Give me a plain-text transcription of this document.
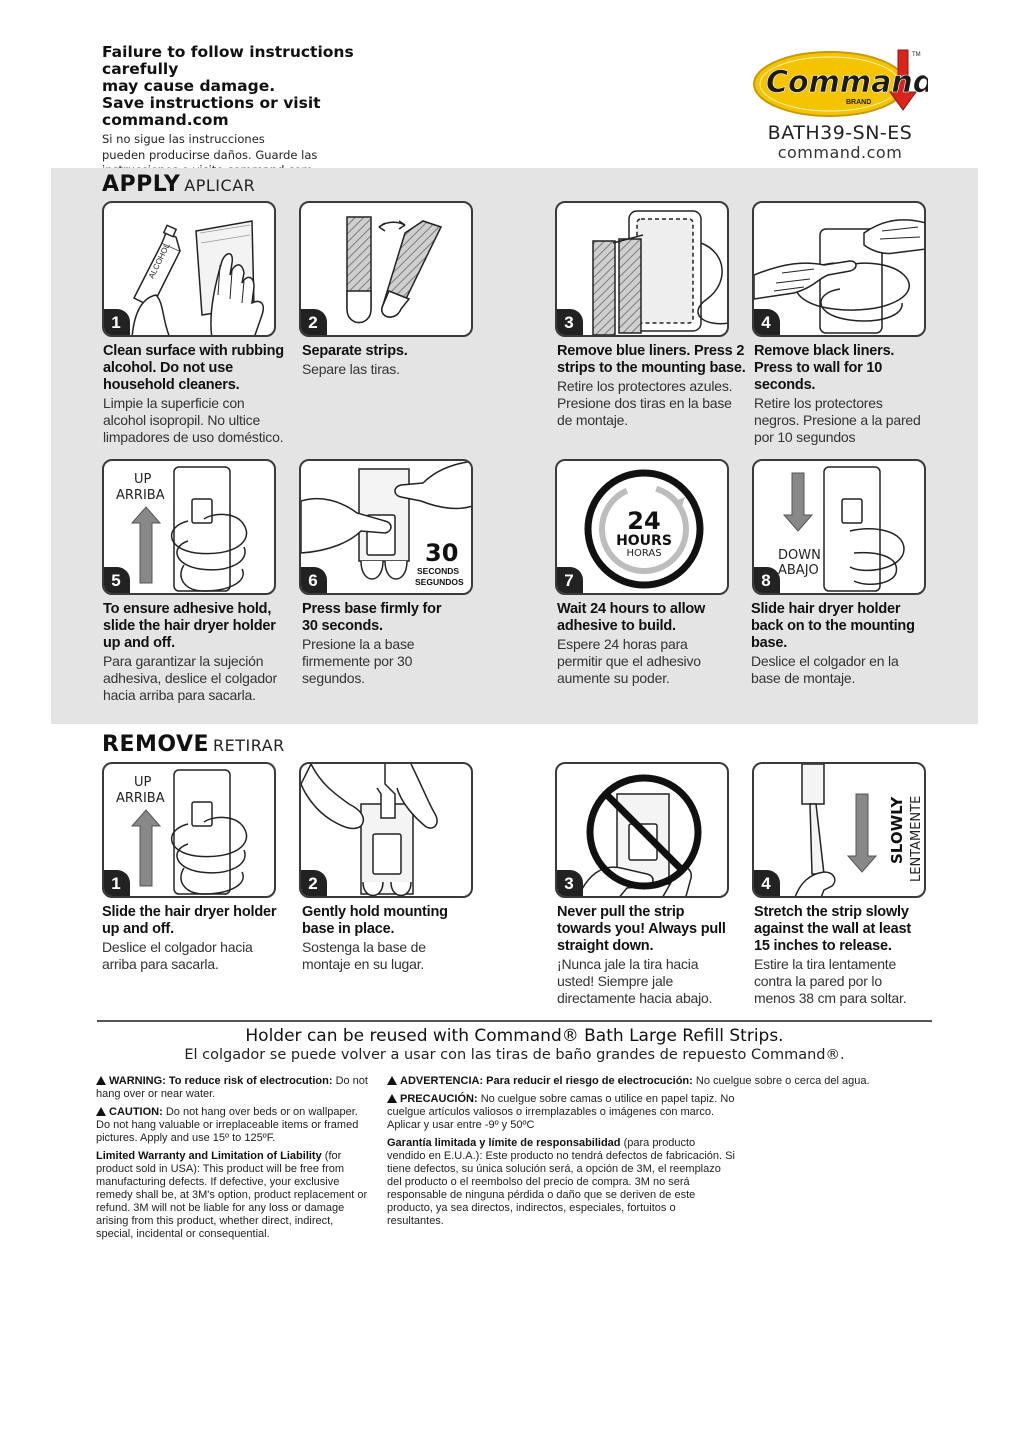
Failure to follow instructions carefully
may cause damage.
Save instructions or visit
command.com
Si no sigue las instrucciones
pueden producirse daños. Guarde las
Command
BRAND
TM
BATH39-SN-ES
command.com
APPLY APLICAR
ALCOHOL
1
Clean surface with rubbing
alcohol. Do not use
household cleaners.
Limpie la superficie con
alcohol isopropil. No ultice
limpadores de uso doméstico.
2
Separate strips.
Separe las tiras.
3
Remove blue liners. Press 2
strips to the mounting base.
Retire los protectores azules.
Presione dos tiras en la base
de montaje.
4
Remove black liners.
Press to wall for 10
seconds.
Retire los protectores
negros. Presione a la pared
por 10 segundos
UP
ARRIBA
5
To ensure adhesive hold,
slide the hair dryer holder
up and off.
Para garantizar la sujeción
adhesiva, deslice el colgador
hacia arriba para sacarla.
30
SECONDS
SEGUNDOS
6
Press base firmly for
30 seconds.
Presione la a base
firmemente por 30
segundos.
24
HOURS
HORAS
7
Wait 24 hours to allow
adhesive to build.
Espere 24 horas para
permitir que el adhesivo
aumente su poder.
DOWN
ABAJO
8
Slide hair dryer holder
back on to the mounting
base.
Deslice el colgador en la
base de montaje.
REMOVE RETIRAR
UP
ARRIBA
1
Slide the hair dryer holder
up and off.
Deslice el colgador hacia
arriba para sacarla.
2
Gently hold mounting
base in place.
Sostenga la base de
montaje en su lugar.
3
Never pull the strip
towards you! Always pull
straight down.
¡Nunca jale la tira hacia
usted! Siempre jale
directamente hacia abajo.
SLOWLY LENTAMENTE
4
Stretch the strip slowly
against the wall at least
15 inches to release.
Estire la tira lentamente
contra la pared por lo
menos 38 cm para soltar.
Holder can be reused with Command® Bath Large Refill Strips.
El colgador se puede volver a usar con las tiras de baño grandes de repuesto Command®.

WARNING: To reduce risk of electrocution: Do not hang over or near water.

CAUTION: Do not hang over beds or on wallpaper. Do not hang valuable or irreplaceable items or framed pictures. Apply and use 15º to 125ºF.

Limited Warranty and Limitation of Liability (for product sold in USA): This product will be free from manufacturing defects. If defective, your exclusive remedy shall be, at 3M's option, product replacement or refund. 3M will not be liable for any loss or damage arising from this product, whether direct, indirect, special, incidental or consequential.

ADVERTENCIA: Para reducir el riesgo de electrocución: No cuelgue sobre o cerca del agua.

PRECAUCIÓN: No cuelgue sobre camas o utilice en papel tapiz. No cuelgue artículos valiosos o irremplazables o imágenes con marco. Aplicar y usar entre -9º y 50ºC

Garantía limitada y límite de responsabilidad (para producto vendido en E.U.A.): Este producto no tendrá defectos de fabricación. Si tiene defectos, su única solución será, a opción de 3M, el reemplazo del producto o el reembolso del precio de compra. 3M no será responsable de ninguna pérdida o daño que se deriven de este producto, ya sea directos, indirectos, especiales, fortuitos o resultantes.
